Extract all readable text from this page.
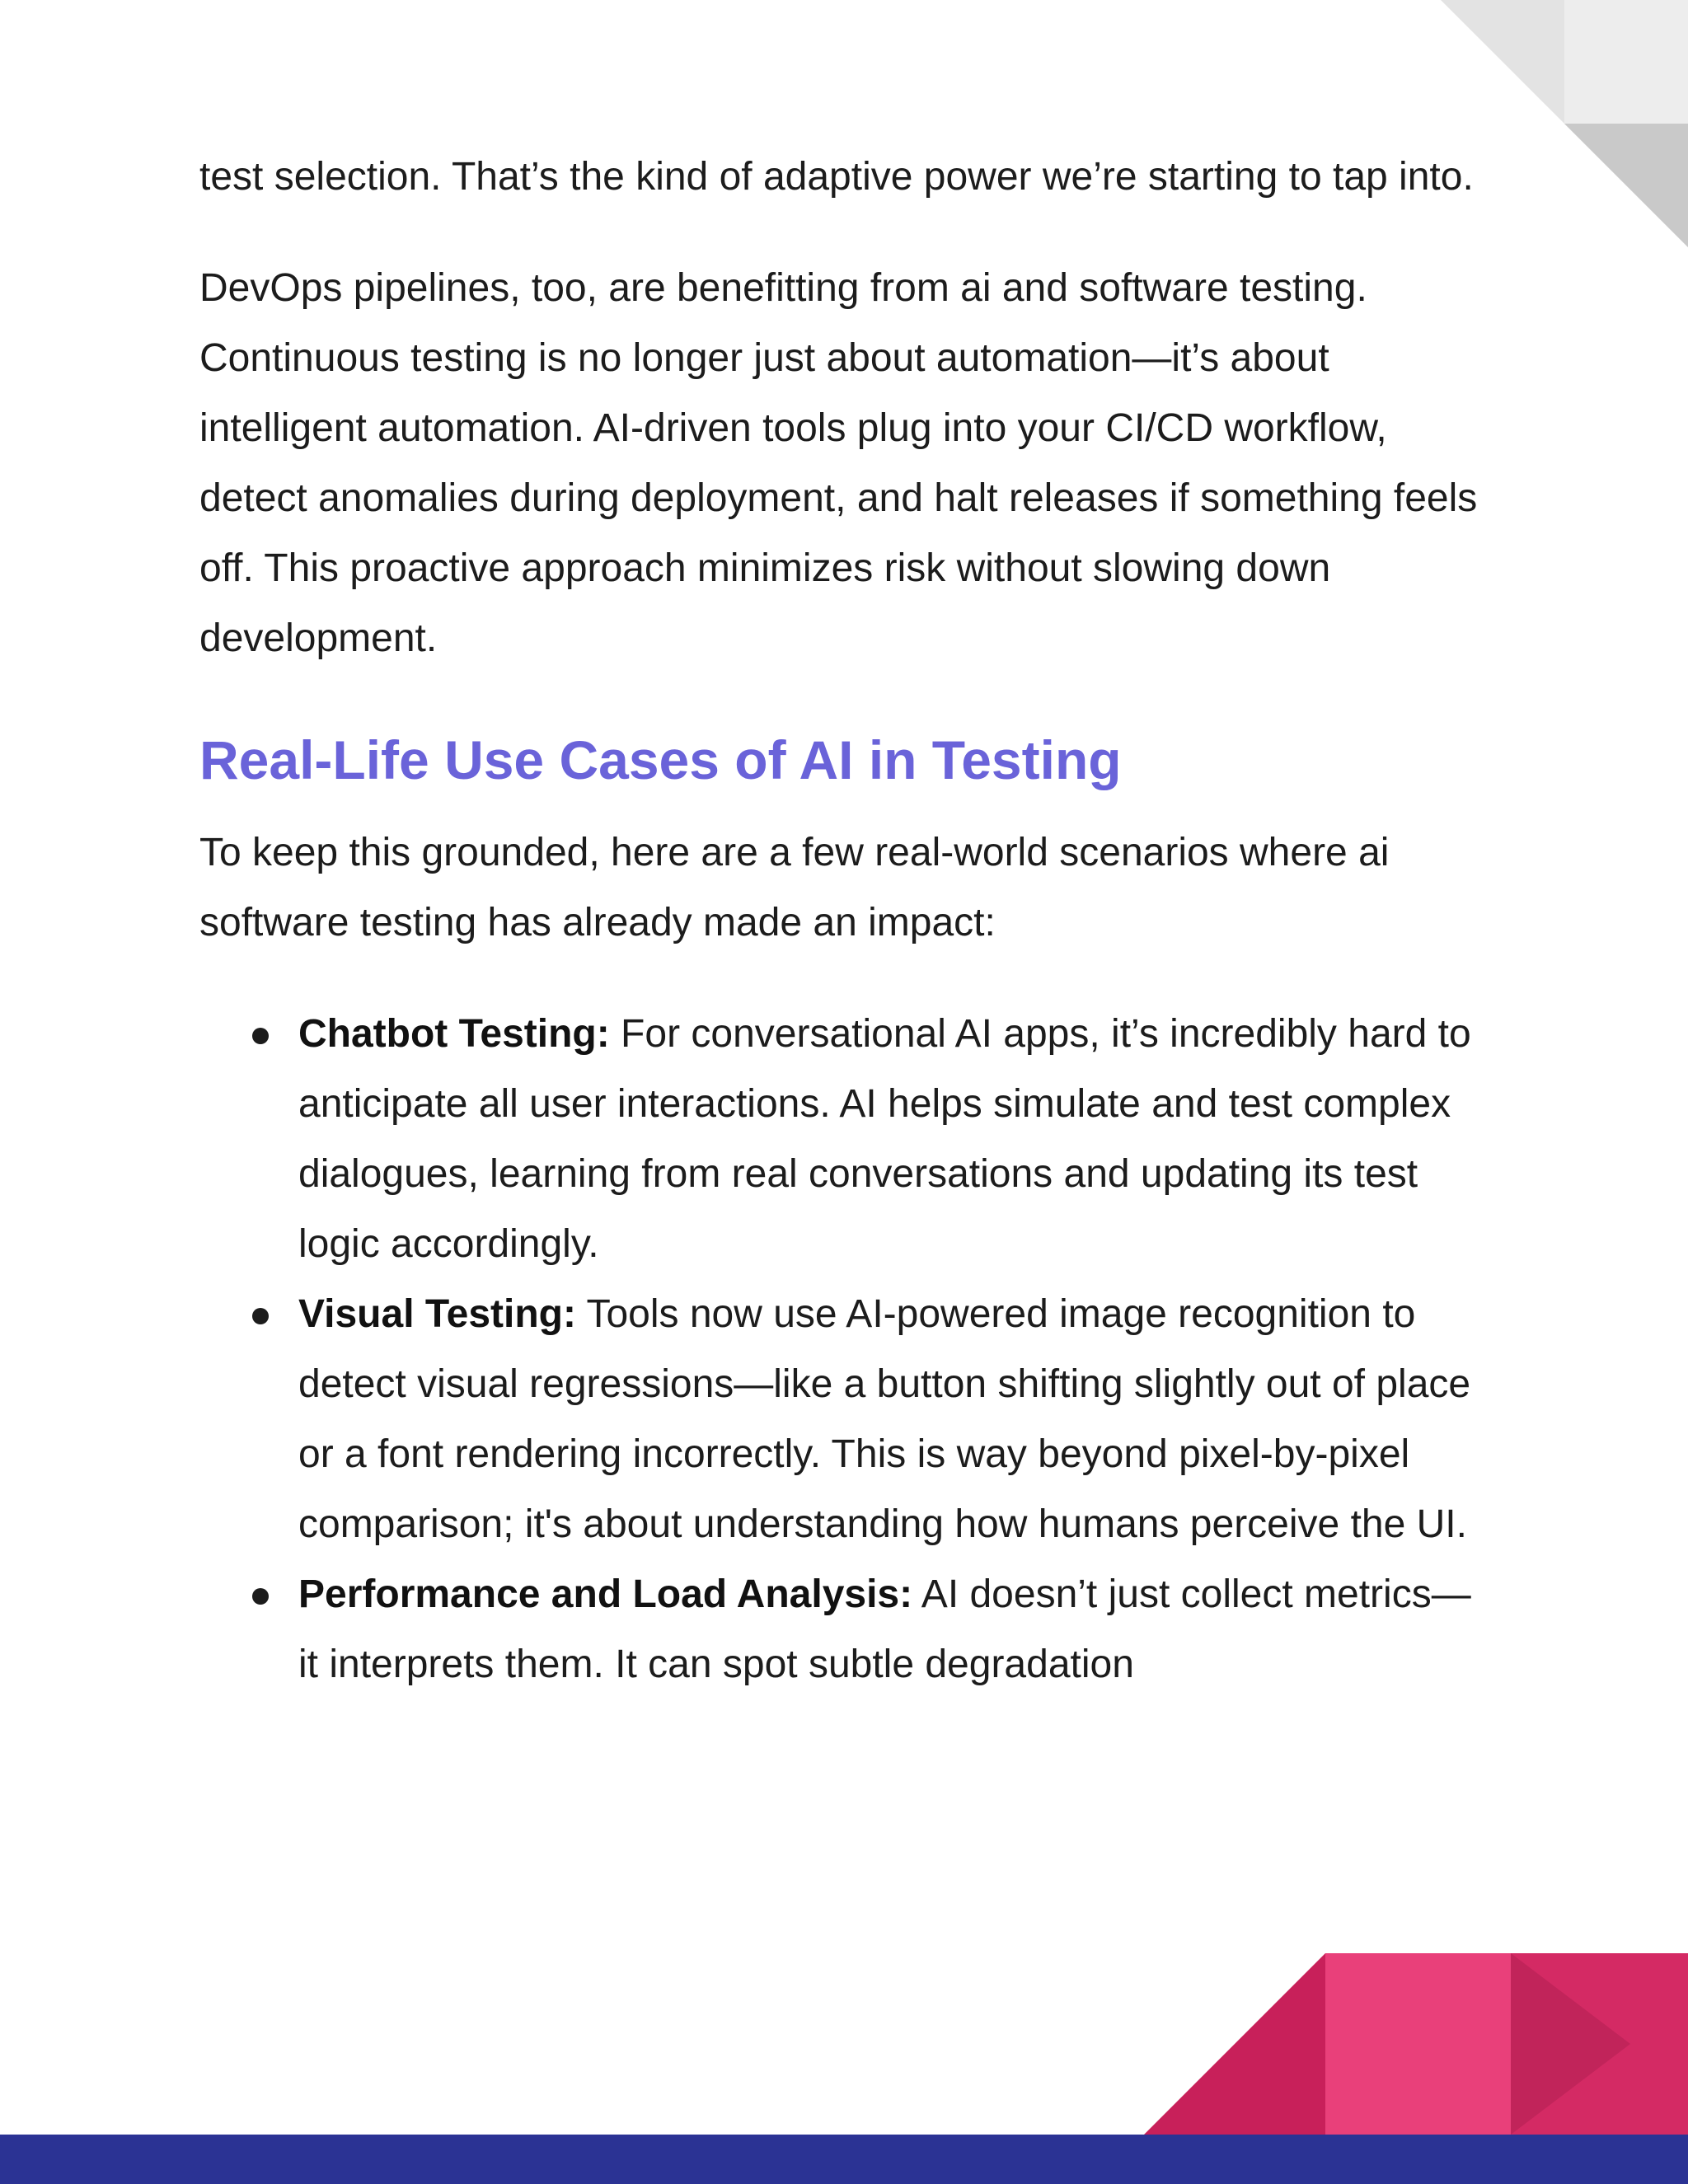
test selection. That’s the kind of adaptive power we’re starting to tap into.

DevOps pipelines, too, are benefitting from ai and software testing. Continuous testing is no longer just about automation—it’s about intelligent automation. AI-driven tools plug into your CI/CD workflow, detect anomalies during deployment, and halt releases if something feels off. This proactive approach minimizes risk without slowing down development.

Real-Life Use Cases of AI in Testing

To keep this grounded, here are a few real-world scenarios where ai software testing has already made an impact:

Chatbot Testing: For conversational AI apps, it’s incredibly hard to anticipate all user interactions. AI helps simulate and test complex dialogues, learning from real conversations and updating its test logic accordingly.
Visual Testing: Tools now use AI-powered image recognition to detect visual regressions—like a button shifting slightly out of place or a font rendering incorrectly. This is way beyond pixel-by-pixel comparison; it's about understanding how humans perceive the UI.
Performance and Load Analysis: AI doesn’t just collect metrics—it interprets them. It can spot subtle degradation
